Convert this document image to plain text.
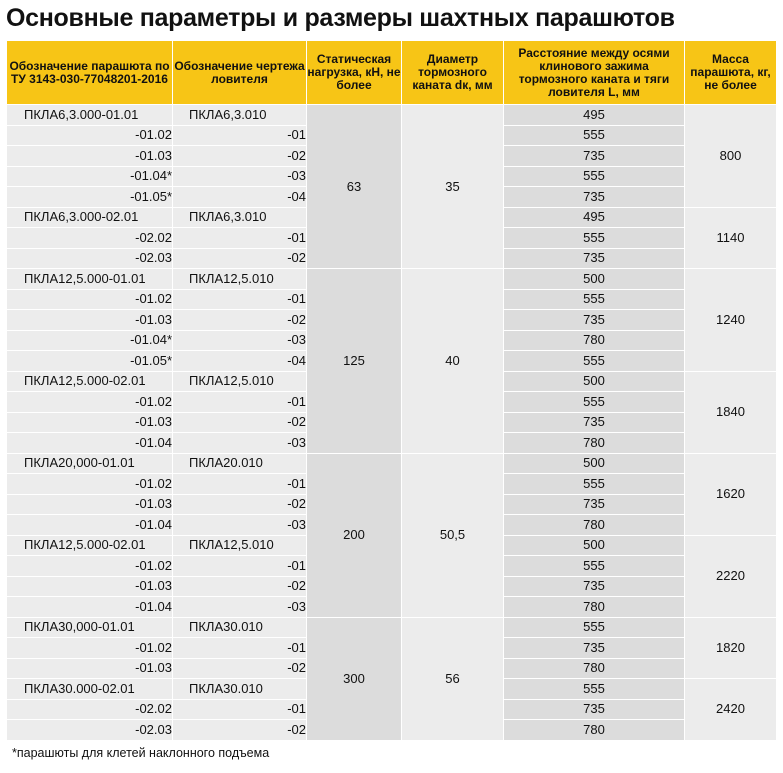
Основные параметры и размеры шахтных парашютов
Обозначение парашюта по ТУ 3143-030-77048201-2016	Обозначение чертежа ловителя	Статическая нагрузка, кН, не более	Диаметр тормозного каната dк, мм	Расстояние между осями клинового зажима тормозного каната и тяги ловителя L, мм	Масса парашюта, кг, не более
ПКЛА6,3.000-01.01	ПКЛА6,3.010	63	35	495	800
-01.02	-01			555	
-01.03	-02			735	
-01.04*	-03			555	
-01.05*	-04			735	
ПКЛА6,3.000-02.01	ПКЛА6,3.010			495	1140
-02.02	-01			555	
-02.03	-02			735	
ПКЛА12,5.000-01.01	ПКЛА12,5.010	125	40	500	1240
-01.02	-01			555	
-01.03	-02			735	
-01.04*	-03			780	
-01.05*	-04			555	
ПКЛА12,5.000-02.01	ПКЛА12,5.010			500	1840
-01.02	-01			555	
-01.03	-02			735	
-01.04	-03			780	
ПКЛА20,000-01.01	ПКЛА20.010	200	50,5	500	1620
-01.02	-01			555	
-01.03	-02			735	
-01.04	-03			780	
ПКЛА12,5.000-02.01	ПКЛА12,5.010			500	2220
-01.02	-01			555	
-01.03	-02			735	
-01.04	-03			780	
ПКЛА30,000-01.01	ПКЛА30.010	300	56	555	1820
-01.02	-01			735	
-01.03	-02			780	
ПКЛА30.000-02.01	ПКЛА30.010			555	2420
-02.02	-01			735	
-02.03	-02			780	
*парашюты для клетей наклонного подъема
